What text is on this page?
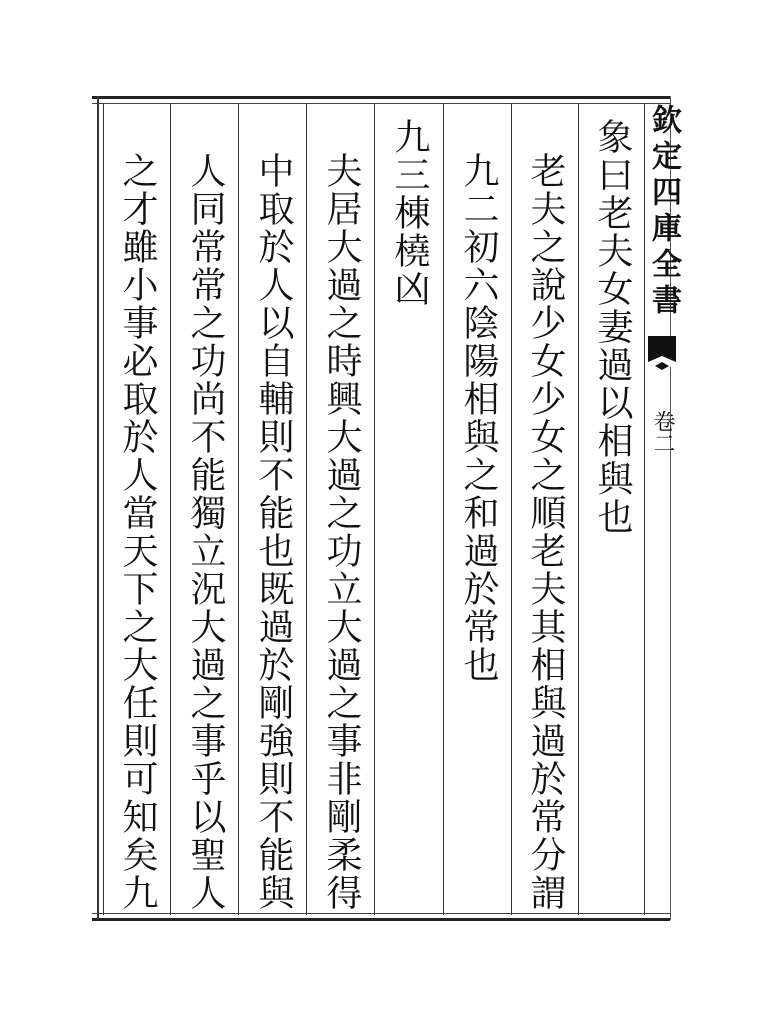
象曰老夫女妻過以相與也
老夫之說少女少女之順老夫其相與過於常分謂
九二初六陰陽相與之和過於常也
九三棟橈凶
夫居大過之時興大過之功立大過之事非剛柔得
中取於人以自輔則不能也既過於剛強則不能與
人同常常之功尚不能獨立況大過之事乎以聖人
之才雖小事必取於人當天下之大任則可知矣九	欽定四庫全書
卷二
